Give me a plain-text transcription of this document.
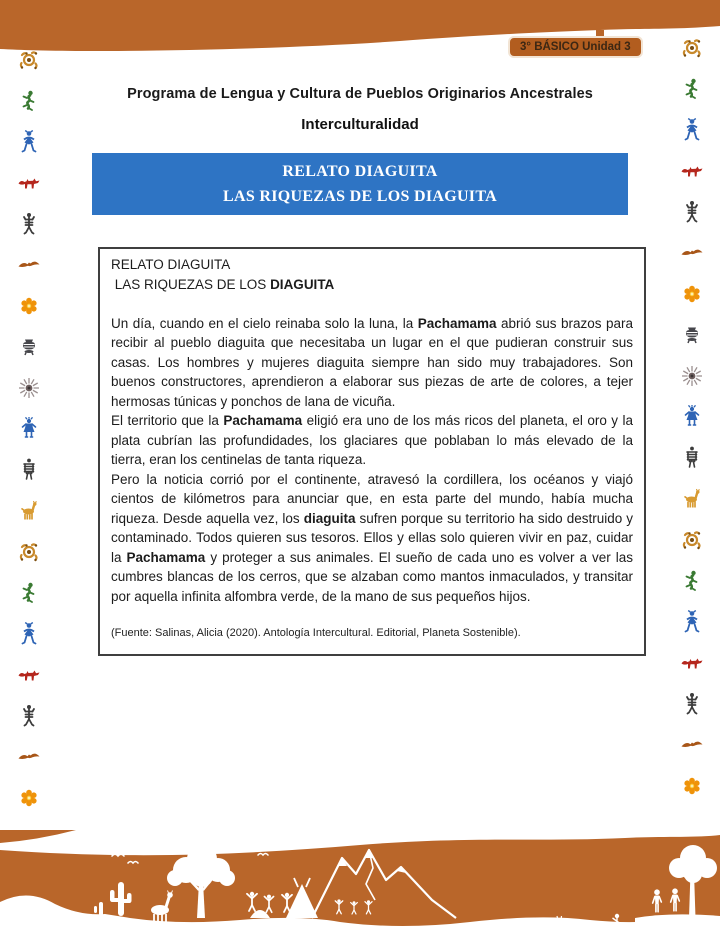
3° BÁSICO Unidad 3
Programa de Lengua y Cultura de Pueblos Originarios Ancestrales
Interculturalidad
RELATO DIAGUITA
LAS RIQUEZAS DE LOS DIAGUITA
RELATO DIAGUITA
LAS RIQUEZAS DE LOS DIAGUITA

Un día, cuando en el cielo reinaba solo la luna, la Pachamama abrió sus brazos para recibir al pueblo diaguita que necesitaba un lugar en el que pudieran construir sus casas. Los hombres y mujeres diaguita siempre han sido muy trabajadores. Son buenos constructores, aprendieron a elaborar sus piezas de arte de colores, a tejer hermosas túnicas y ponchos de lana de vicuña.

El territorio que la Pachamama eligió era uno de los más ricos del planeta, el oro y la plata cubrían las profundidades, los glaciares que poblaban lo más elevado de la tierra, eran los centinelas de tanta riqueza.

Pero la noticia corrió por el continente, atravesó la cordillera, los océanos y viajó cientos de kilómetros para anunciar que, en esta parte del mundo, había mucha riqueza. Desde aquella vez, los diaguita sufren porque su territorio ha sido destruido y contaminado. Todos quieren sus tesoros. Ellos y ellas solo quieren vivir en paz, cuidar la Pachamama y proteger a sus animales. El sueño de cada uno es volver a ver las cumbres blancas de los cerros, que se alzaban como mantos inmaculados, y transitar por aquella infinita alfombra verde, de la mano de sus pequeños hijos.

(Fuente: Salinas, Alicia (2020). Antología Intercultural. Editorial, Planeta Sostenible).
